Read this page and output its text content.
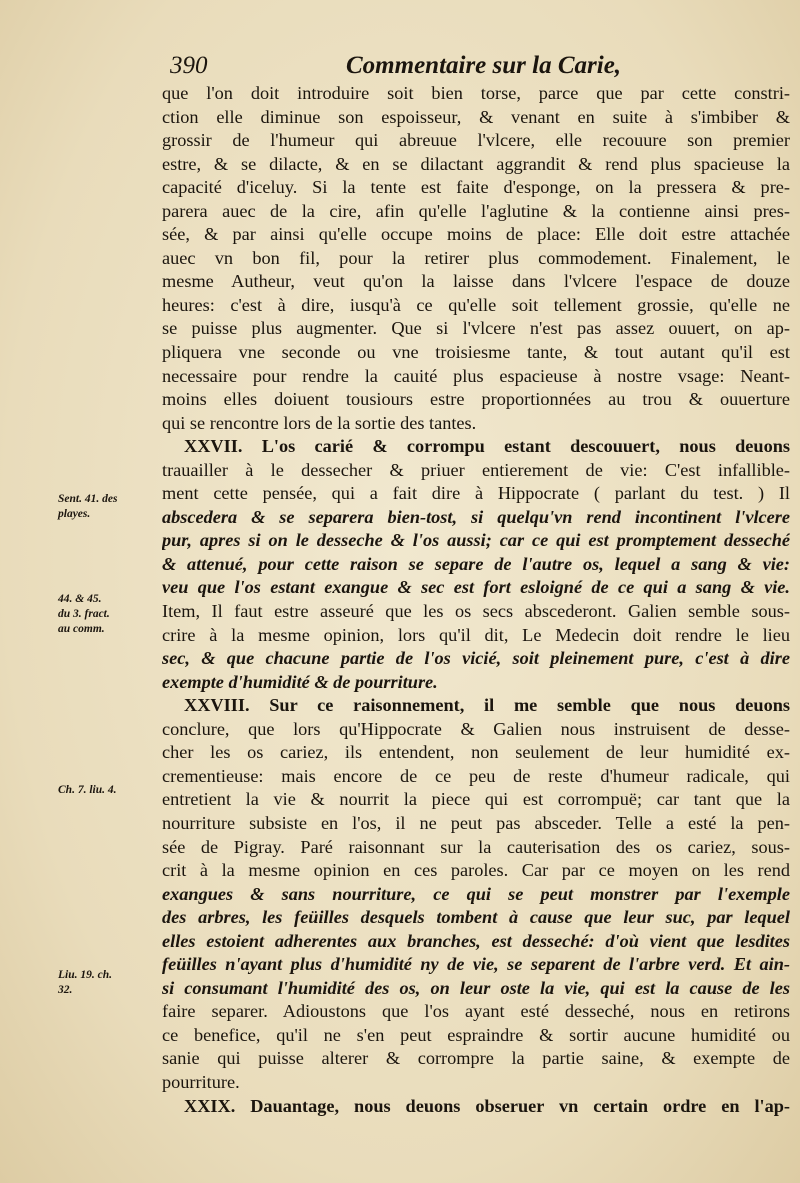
390	Commentaire sur la Carie,
que l'on doit introduire soit bien torse, parce que par cette constri-
ction elle diminue son espoisseur, & venant en suite à s'imbiber &
grossir de l'humeur qui abreuue l'vlcere, elle recouure son premier
estre, & se dilacte, & en se dilactant aggrandit & rend plus spacieuse la
capacité d'iceluy. Si la tente est faite d'esponge, on la pressera & pre-
parera auec de la cire, afin qu'elle l'aglutine & la contienne ainsi pres-
sée, & par ainsi qu'elle occupe moins de place: Elle doit estre attachée
auec vn bon fil, pour la retirer plus commodement. Finalement, le
mesme Autheur, veut qu'on la laisse dans l'vlcere l'espace de douze
heures: c'est à dire, iusqu'à ce qu'elle soit tellement grossie, qu'elle ne
se puisse plus augmenter. Que si l'vlcere n'est pas assez ouuert, on ap-
pliquera vne seconde ou vne troisiesme tante, & tout autant qu'il est
necessaire pour rendre la cauité plus espacieuse à nostre vsage: Neant-
moins elles doiuent tousiours estre proportionnées au trou & ouuerture
qui se rencontre lors de la sortie des tantes.
XXVII. L'os carié & corrompu estant descouuert, nous deuons
trauailler à le dessecher & priuer entierement de vie: C'est infallible-
ment cette pensée, qui a fait dire à Hippocrate ( parlant du test. ) Il
abscedera & se separera bien-tost, si quelqu'vn rend incontinent l'vlcere
pur, apres si on le desseche & l'os aussi; car ce qui est promptement desseché
& attenué, pour cette raison se separe de l'autre os, lequel a sang & vie:
veu que l'os estant exangue & sec est fort esloigné de ce qui a sang & vie.
Item, Il faut estre asseuré que les os secs abscederont. Galien semble sous-
crire à la mesme opinion, lors qu'il dit, Le Medecin doit rendre le lieu
sec, & que chacune partie de l'os vicié, soit pleinement pure, c'est à dire
exempte d'humidité & de pourriture.
XXVIII. Sur ce raisonnement, il me semble que nous deuons
conclure, que lors qu'Hippocrate & Galien nous instruisent de desse-
cher les os cariez, ils entendent, non seulement de leur humidité ex-
crementieuse: mais encore de ce peu de reste d'humeur radicale, qui
entretient la vie & nourrit la piece qui est corrompuë; car tant que la
nourriture subsiste en l'os, il ne peut pas absceder. Telle a esté la pen-
sée de Pigray. Paré raisonnant sur la cauterisation des os cariez, sous-
crit à la mesme opinion en ces paroles. Car par ce moyen on les rend
exangues & sans nourriture, ce qui se peut monstrer par l'exemple
des arbres, les feüilles desquels tombent à cause que leur suc, par lequel
elles estoient adherentes aux branches, est desseché: d'où vient que lesdites
feüilles n'ayant plus d'humidité ny de vie, se separent de l'arbre verd. Et ain-
si consumant l'humidité des os, on leur oste la vie, qui est la cause de les
faire separer. Adioustons que l'os ayant esté desseché, nous en retirons
ce benefice, qu'il ne s'en peut espraindre & sortir aucune humidité ou
sanie qui puisse alterer & corrompre la partie saine, & exempte de
pourriture.
XXIX. Dauantage, nous deuons obseruer vn certain ordre en l'ap-
Sent. 41. des
playes.
44. & 45.
du 3. fract.
au comm.
Ch. 7. liu. 4.
Liu. 19. ch.
32.
